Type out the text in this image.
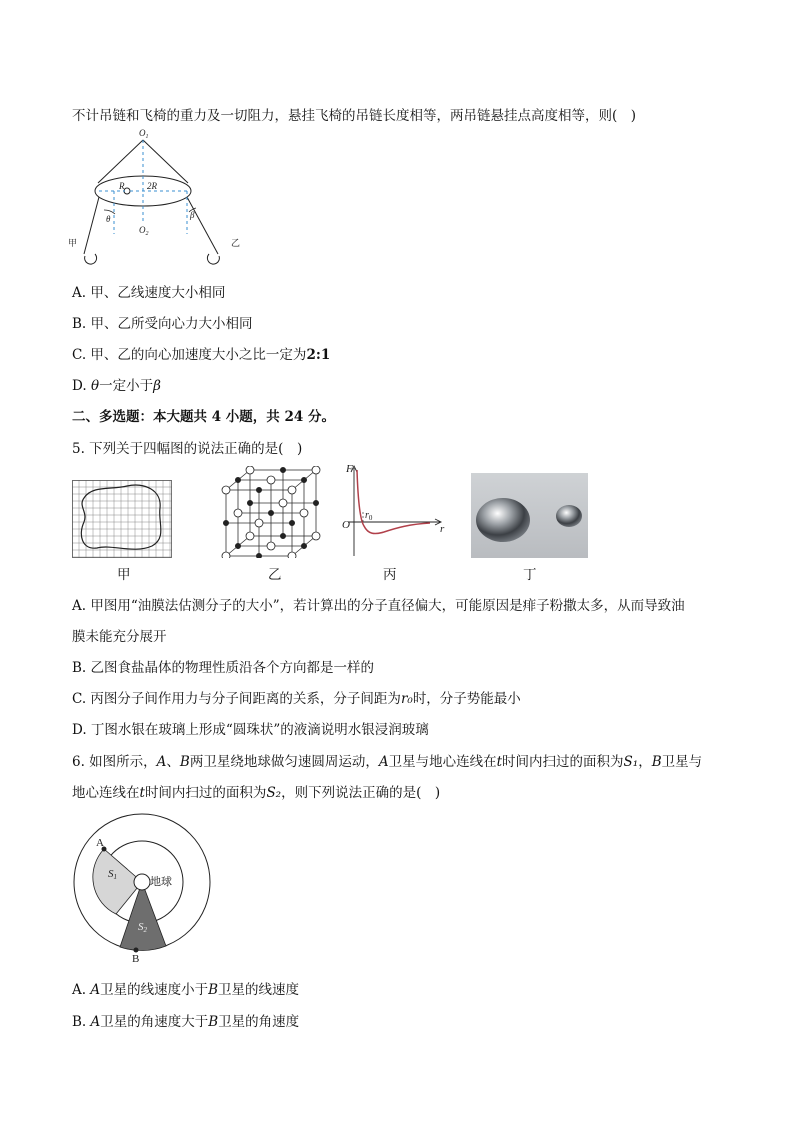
不计吊链和飞椅的重力及一切阻力，悬挂飞椅的吊链长度相等，两吊链悬挂点高度相等，则(　)
$O_1$
$O_2$
R	2R
θ	β
甲	乙
A. 甲、乙线速度大小相同
B. 甲、乙所受向心力大小相同
C. 甲、乙的向心加速度大小之比一定为2:1
D. θ一定小于β
二、多选题：本大题共 4 小题，共 24 分。
5. 下列关于四幅图的说法正确的是(　)
甲	乙
F
O
$r_0$
r
丙	丁
A. 甲图用“油膜法估测分子的大小”，若计算出的分子直径偏大，可能原因是痱子粉撒太多，从而导致油
膜未能充分展开
B. 乙图食盐晶体的物理性质沿各个方向都是一样的
C. 丙图分子间作用力与分子间距离的关系，分子间距为r₀时，分子势能最小
D. 丁图水银在玻璃上形成“圆珠状”的液滴说明水银浸润玻璃
6. 如图所示，A、B两卫星绕地球做匀速圆周运动，A卫星与地心连线在t时间内扫过的面积为S₁，B卫星与
地心连线在t时间内扫过的面积为S₂，则下列说法正确的是(　)
A
B
S1
S2
地球
A. A卫星的线速度小于B卫星的线速度
B. A卫星的角速度大于B卫星的角速度
